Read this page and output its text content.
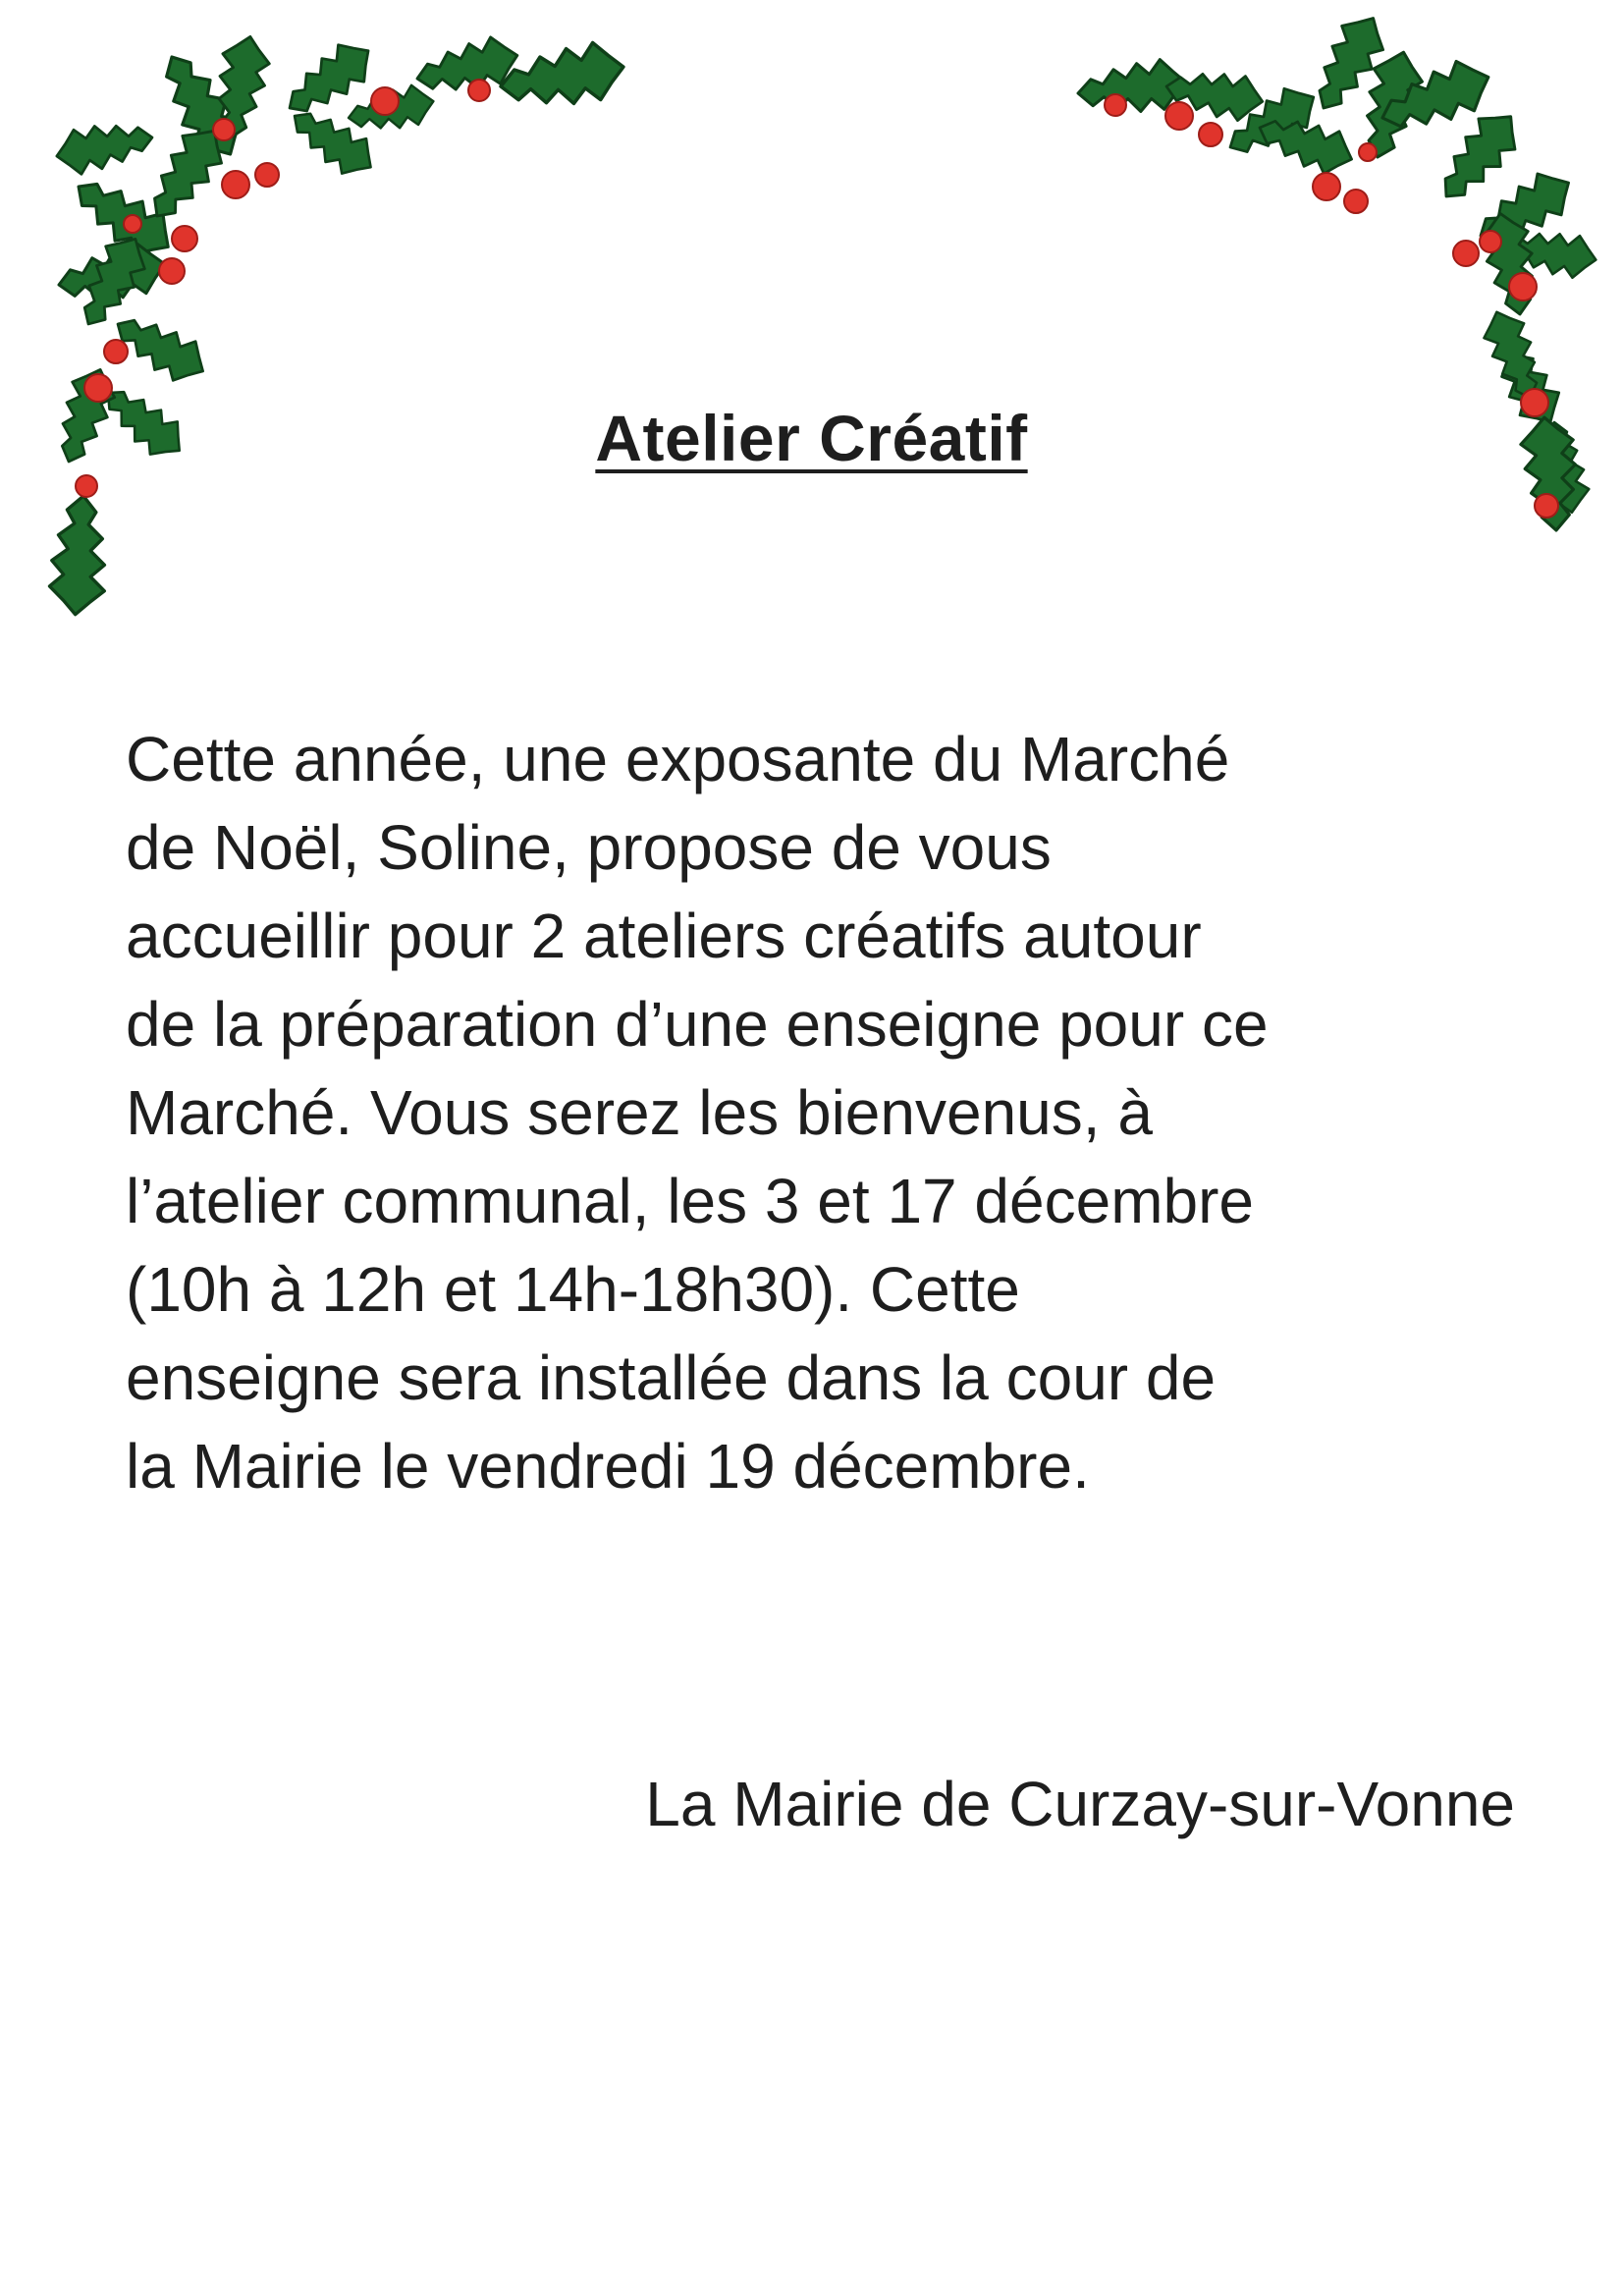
Atelier Créatif

Cette année, une exposante du Marché
de Noël, Soline, propose de vous
accueillir pour 2 ateliers créatifs autour
de la préparation d’une enseigne pour ce
Marché. Vous serez les bienvenus, à
l’atelier communal, les 3 et 17 décembre
(10h à 12h et 14h-18h30). Cette
enseigne sera installée dans la cour de
la Mairie le vendredi 19 décembre.

La Mairie de Curzay-sur-Vonne
